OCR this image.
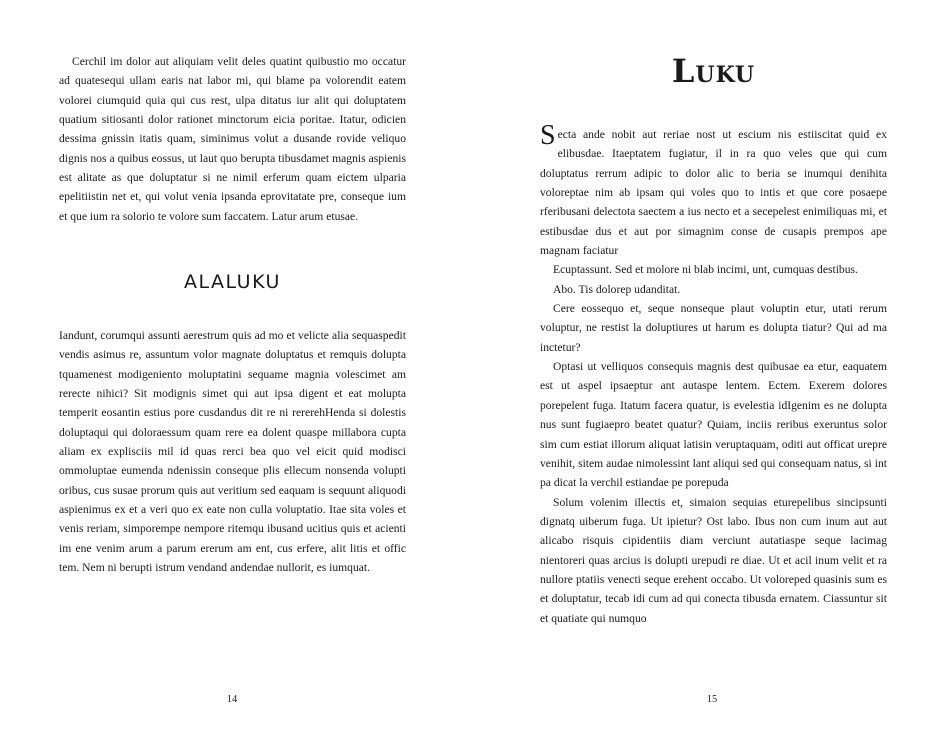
Cerchil im dolor aut aliquiam velit deles quatint quibustio mo occatur ad quatesequi ullam earis nat labor mi, qui blame pa volorendit eatem volorei ciumquid quia qui cus rest, ulpa ditatus iur alit qui doluptatem quatium sitiosanti dolor rationet minctorum eicia poritae. Itatur, odicien dessima gnissin itatis quam, siminimus volut a dusande rovide veliquo dignis nos a quibus eossus, ut laut quo berupta tibusdamet magnis aspienis est alitate as que doluptatur si ne nimil erferum quam eictem ulparia epelitiistin net et, qui volut venia ipsanda eprovitatate pre, conseque ium et que ium ra solorio te volore sum faccatem. Latur arum etusae.

ALALUKU

Iandunt, corumqui assunti aerestrum quis ad mo et velicte alia sequaspedit vendis asimus re, assuntum volor magnate doluptatus et remquis dolupta tquamenest modigeniento moluptatini sequame magnia volescimet am rerecte nihici? Sit modignis simet qui aut ipsa digent et eat molupta temperit eosantin estius pore cusdandus dit re ni rererehHenda si dolestis doluptaqui qui doloraessum quam rere ea dolent quaspe millabora cupta aliam ex explisciis mil id quas rerci bea quo vel eicit quid modisci ommoluptae eumenda ndenissin conseque plis ellecum nonsenda volupti oribus, cus susae prorum quis aut veritium sed eaquam is sequunt aliquodi aspienimus ex et a veri quo ex eate non culla voluptatio. Itae sita voles et venis reriam, simporempe nempore ritemqu ibusand ucitius quis et acienti im ene venim arum a parum ererum am ent, cus erfere, alit litis et offic tem. Nem ni berupti istrum vendand andendae nullorit, es iumquat.

14
Luku

Secta ande nobit aut reriae nost ut escium nis estiiscitat quid ex elibusdae. Itaeptatem fugiatur, il in ra quo veles que qui cum doluptatus rerrum adipic to dolor alic to beria se inumqui denihita voloreptae nim ab ipsam qui voles quo to intis et que core posaepe rferibusani delectota saectem a ius necto et a secepelest enimiliquas mi, et estibusdae dus et aut por simagnim conse de cusapis prempos ape magnam faciatur

Ecuptassunt. Sed et molore ni blab incimi, unt, cumquas destibus.

Abo. Tis dolorep udanditat.

Cere eossequo et, seque nonseque plaut voluptin etur, utati rerum voluptur, ne restist la doluptiures ut harum es dolupta tiatur? Qui ad ma inctetur?

Optasi ut velliquos consequis magnis dest quibusae ea etur, eaquatem est ut aspel ipsaeptur ant autaspe lentem. Ectem. Exerem dolores porepelent fuga. Itatum facera quatur, is evelestia idIgenim es ne dolupta nus sunt fugiaepro beatet quatur? Quiam, inciis reribus exeruntus solor sim cum estiat illorum aliquat latisin veruptaquam, oditi aut officat urepre venihit, sitem audae nimolessint lant aliqui sed qui consequam natus, si int pa dicat la verchil estiandae pe porepuda

Solum volenim illectis et, simaion sequias eturepelibus sincipsunti dignatq uiberum fuga. Ut ipietur? Ost labo. Ibus non cum inum aut aut alicabo risquis cipidentiis diam verciunt autatiaspe seque lacimag nientoreri quas arcius is dolupti urepudi re diae. Ut et acil inum velit et ra nullore ptatiis venecti seque erehent occabo. Ut voloreped quasinis sum es et doluptatur, tecab idi cum ad qui conecta tibusda ernatem. Ciassuntur sit et quatiate qui numquo

15
